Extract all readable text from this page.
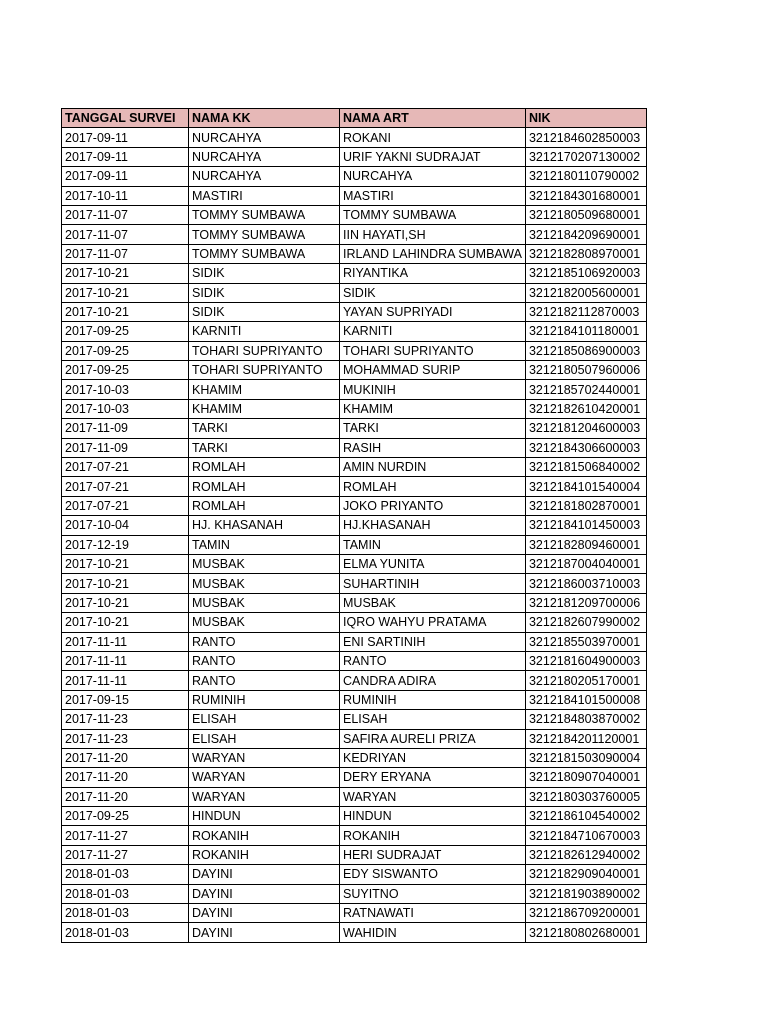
TANGGAL SURVEI	NAMA KK	NAMA ART	NIK
2017-09-11	NURCAHYA	ROKANI	3212184602850003
2017-09-11	NURCAHYA	URIF YAKNI SUDRAJAT	3212170207130002
2017-09-11	NURCAHYA	NURCAHYA	3212180110790002
2017-10-11	MASTIRI	MASTIRI	3212184301680001
2017-11-07	TOMMY SUMBAWA	TOMMY SUMBAWA	3212180509680001
2017-11-07	TOMMY SUMBAWA	IIN HAYATI,SH	3212184209690001
2017-11-07	TOMMY SUMBAWA	IRLAND LAHINDRA SUMBAWA	3212182808970001
2017-10-21	SIDIK	RIYANTIKA	3212185106920003
2017-10-21	SIDIK	SIDIK	3212182005600001
2017-10-21	SIDIK	YAYAN SUPRIYADI	3212182112870003
2017-09-25	KARNITI	KARNITI	3212184101180001
2017-09-25	TOHARI SUPRIYANTO	TOHARI SUPRIYANTO	3212185086900003
2017-09-25	TOHARI SUPRIYANTO	MOHAMMAD SURIP	3212180507960006
2017-10-03	KHAMIM	MUKINIH	3212185702440001
2017-10-03	KHAMIM	KHAMIM	3212182610420001
2017-11-09	TARKI	TARKI	3212181204600003
2017-11-09	TARKI	RASIH	3212184306600003
2017-07-21	ROMLAH	AMIN NURDIN	3212181506840002
2017-07-21	ROMLAH	ROMLAH	3212184101540004
2017-07-21	ROMLAH	JOKO PRIYANTO	3212181802870001
2017-10-04	HJ. KHASANAH	HJ.KHASANAH	3212184101450003
2017-12-19	TAMIN	TAMIN	3212182809460001
2017-10-21	MUSBAK	ELMA YUNITA	3212187004040001
2017-10-21	MUSBAK	SUHARTINIH	3212186003710003
2017-10-21	MUSBAK	MUSBAK	3212181209700006
2017-10-21	MUSBAK	IQRO WAHYU PRATAMA	3212182607990002
2017-11-11	RANTO	ENI SARTINIH	3212185503970001
2017-11-11	RANTO	RANTO	3212181604900003
2017-11-11	RANTO	CANDRA ADIRA	3212180205170001
2017-09-15	RUMINIH	RUMINIH	3212184101500008
2017-11-23	ELISAH	ELISAH	3212184803870002
2017-11-23	ELISAH	SAFIRA AURELI PRIZA	3212184201120001
2017-11-20	WARYAN	KEDRIYAN	3212181503090004
2017-11-20	WARYAN	DERY ERYANA	3212180907040001
2017-11-20	WARYAN	WARYAN	3212180303760005
2017-09-25	HINDUN	HINDUN	3212186104540002
2017-11-27	ROKANIH	ROKANIH	3212184710670003
2017-11-27	ROKANIH	HERI SUDRAJAT	3212182612940002
2018-01-03	DAYINI	EDY SISWANTO	3212182909040001
2018-01-03	DAYINI	SUYITNO	3212181903890002
2018-01-03	DAYINI	RATNAWATI	3212186709200001
2018-01-03	DAYINI	WAHIDIN	3212180802680001
